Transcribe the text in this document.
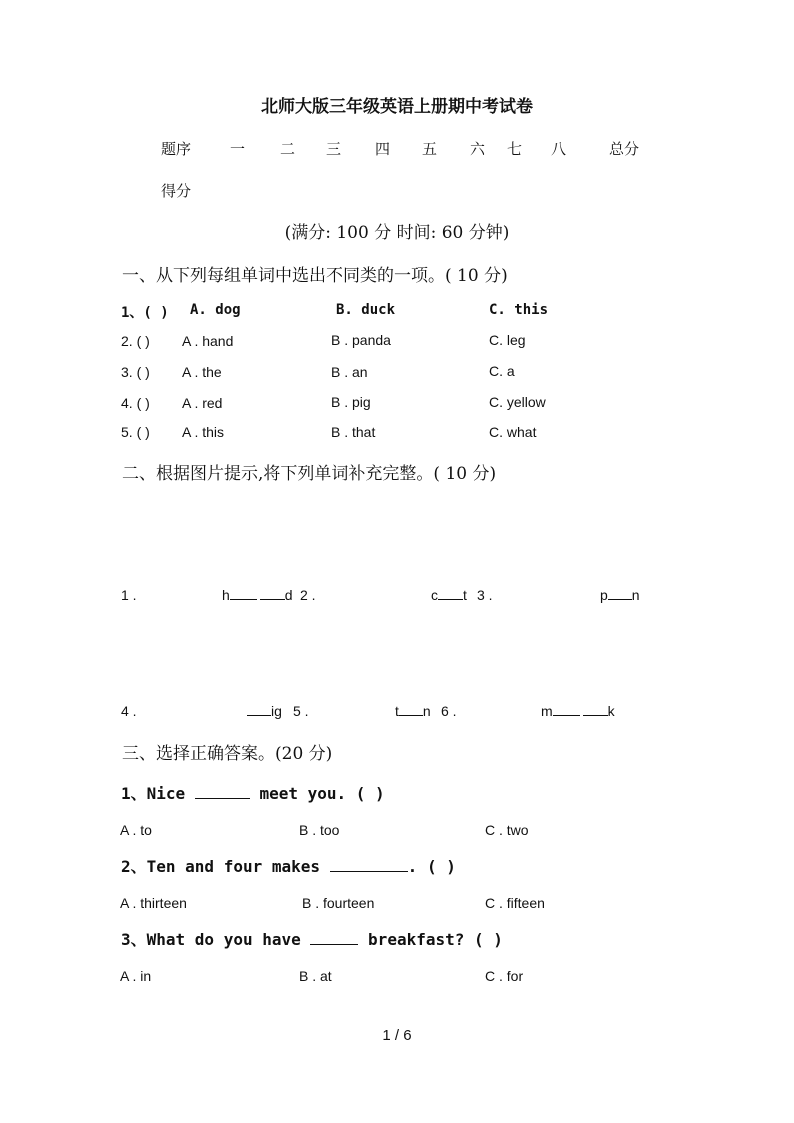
北师大版三年级英语上册期中考试卷
题序	一 二 三 四 五 六 七 八	总分
得分
(满分: 100 分 时间: 60 分钟)
一、从下列每组单词中选出不同类的一项。( 10 分)
1、( ) A. dog	B. duck	C. this
2. ( ) A . hand	B . panda	C. leg
3. ( ) A . the	B . an	C. a
4. ( ) A . red	B . pig	C. yellow
5. ( ) A . this	B . that	C. what
二、根据图片提示,将下列单词补充完整。( 10 分)
1 .	h	d 2 .	c t 3 .	p n
4 .	ig 5 .	t n 6 .	m	k
三、选择正确答案。(20 分)
1、Nice	meet you. ( )
A . to	B . too	C . two
2、Ten and four makes	. ( )
A . thirteen	B . fourteen	C . fifteen
3、What do you have	breakfast? ( )
A . in	B . at	C . for
1 / 6
